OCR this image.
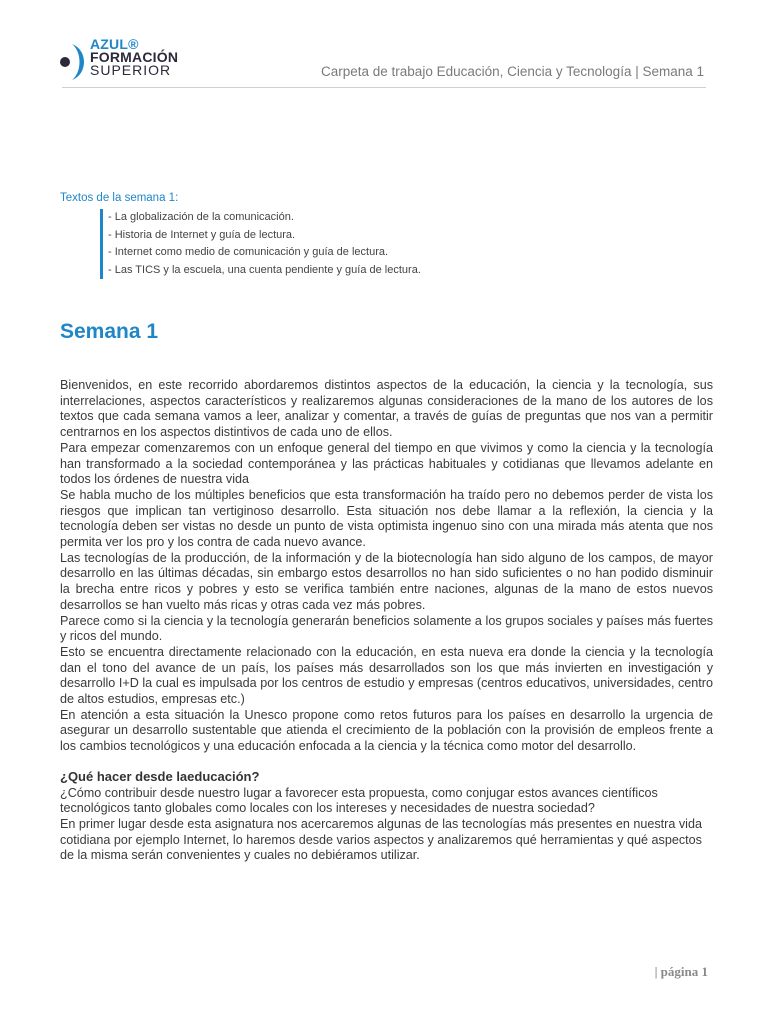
AZUL®
FORMACIÓN
SUPERIOR	Carpeta de trabajo Educación, Ciencia y Tecnología | Semana 1
Textos de la semana 1:
- La globalización de la comunicación.
- Historia de Internet y guía de lectura.
- Internet como medio de comunicación y guía de lectura.
- Las TICS y la escuela, una cuenta pendiente y guía de lectura.
Semana 1

Bienvenidos, en este recorrido abordaremos distintos aspectos de la educación, la ciencia y la tecnología, sus interrelaciones, aspectos característicos y realizaremos algunas consideraciones de la mano de los autores de los textos que cada semana vamos a leer, analizar y comentar, a través de guías de preguntas que nos van a permitir centrarnos en los aspectos distintivos de cada uno de ellos.

Para empezar comenzaremos con un enfoque general del tiempo en que vivimos y como la ciencia y la tecnología han transformado a la sociedad contemporánea y las prácticas habituales y cotidianas que llevamos adelante en todos los órdenes de nuestra vida

Se habla mucho de los múltiples beneficios que esta transformación ha traído pero no debemos perder de vista los riesgos que implican tan vertiginoso desarrollo. Esta situación nos debe llamar a la reflexión, la ciencia y la tecnología deben ser vistas no desde un punto de vista optimista ingenuo sino con una mirada más atenta que nos permita ver los pro y los contra de cada nuevo avance.

Las tecnologías de la producción, de la información y de la biotecnología han sido alguno de los campos, de mayor desarrollo en las últimas décadas, sin embargo estos desarrollos no han sido suficientes o no han podido disminuir la brecha entre ricos y pobres y esto se verifica también entre naciones, algunas de la mano de estos nuevos desarrollos se han vuelto más ricas y otras cada vez más pobres.

Parece como si la ciencia y la tecnología generarán beneficios solamente a los grupos sociales y países más fuertes y ricos del mundo.

Esto se encuentra directamente relacionado con la educación, en esta nueva era donde la ciencia y la tecnología dan el tono del avance de un país, los países más desarrollados son los que más invierten en investigación y desarrollo I+D la cual es impulsada por los centros de estudio y empresas (centros educativos, universidades, centro de altos estudios, empresas etc.)

En atención a esta situación la Unesco propone como retos futuros para los países en desarrollo la urgencia de asegurar un desarrollo sustentable que atienda el crecimiento de la población con la provisión de empleos frente a los cambios tecnológicos y una educación enfocada a la ciencia y la técnica como motor del desarrollo.

¿Qué hacer desde laeducación?

¿Cómo contribuir desde nuestro lugar a favorecer esta propuesta, como conjugar estos avances científicos tecnológicos tanto globales como locales con los intereses y necesidades de nuestra sociedad?

En primer lugar desde esta asignatura nos acercaremos algunas de las tecnologías más presentes en nuestra vida cotidiana por ejemplo Internet, lo haremos desde varios aspectos y analizaremos qué herramientas y qué aspectos de la misma serán convenientes y cuales no debiéramos utilizar.

| página 1
